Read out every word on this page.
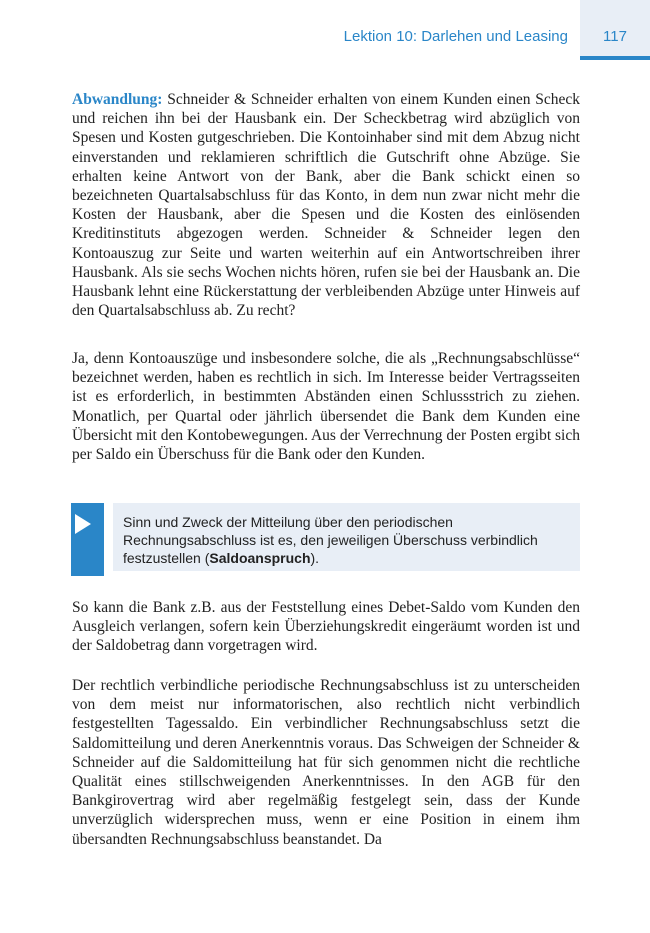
Lektion 10: Darlehen und Leasing	117

Abwandlung: Schneider & Schneider erhalten von einem Kunden einen Scheck und reichen ihn bei der Hausbank ein. Der Scheckbetrag wird abzüglich von Spesen und Kosten gutgeschrieben. Die Kontoinhaber sind mit dem Abzug nicht einverstanden und reklamieren schriftlich die Gutschrift ohne Abzüge. Sie erhalten keine Antwort von der Bank, aber die Bank schickt einen so bezeichneten Quartalsabschluss für das Konto, in dem nun zwar nicht mehr die Kosten der Hausbank, aber die Spesen und die Kosten des einlösenden Kreditinstituts abgezogen werden. Schneider & Schneider legen den Kontoauszug zur Seite und warten weiterhin auf ein Antwortschreiben ihrer Hausbank. Als sie sechs Wochen nichts hören, rufen sie bei der Hausbank an. Die Hausbank lehnt eine Rückerstattung der verbleibenden Abzüge unter Hinweis auf den Quartalsabschluss ab. Zu recht?

Ja, denn Kontoauszüge und insbesondere solche, die als „Rechnungsabschlüsse“ bezeichnet werden, haben es rechtlich in sich. Im Interesse beider Vertragsseiten ist es erforderlich, in bestimmten Abständen einen Schlussstrich zu ziehen. Monatlich, per Quartal oder jährlich übersendet die Bank dem Kunden eine Übersicht mit den Kontobewegungen. Aus der Verrechnung der Posten ergibt sich per Saldo ein Überschuss für die Bank oder den Kunden.

Sinn und Zweck der Mitteilung über den periodischen Rechnungsabschluss ist es, den jeweiligen Überschuss verbindlich festzustellen (Saldoanspruch).

So kann die Bank z.B. aus der Feststellung eines Debet-Saldo vom Kunden den Ausgleich verlangen, sofern kein Überziehungskredit eingeräumt worden ist und der Saldobetrag dann vorgetragen wird.

Der rechtlich verbindliche periodische Rechnungsabschluss ist zu unterscheiden von dem meist nur informatorischen, also rechtlich nicht verbindlich festgestellten Tagessaldo. Ein verbindlicher Rechnungsabschluss setzt die Saldomitteilung und deren Anerkenntnis voraus. Das Schweigen der Schneider & Schneider auf die Saldomitteilung hat für sich genommen nicht die rechtliche Qualität eines stillschweigenden Anerkenntnisses. In den AGB für den Bankgirovertrag wird aber regelmäßig festgelegt sein, dass der Kunde unverzüglich widersprechen muss, wenn er eine Position in einem ihm übersandten Rechnungsabschluss beanstandet. Da
